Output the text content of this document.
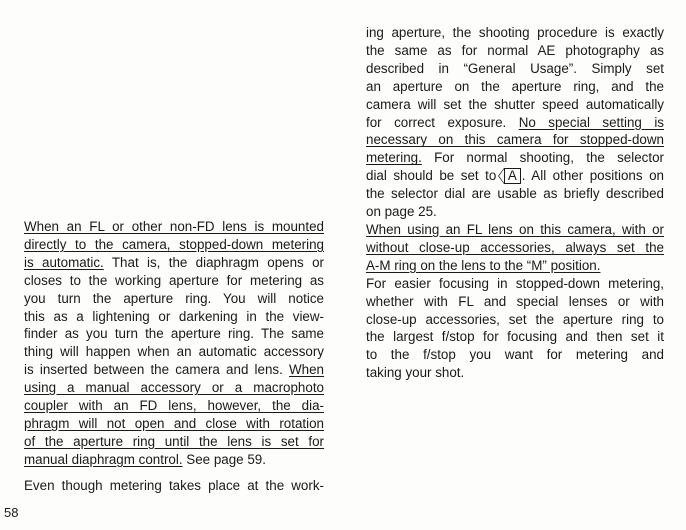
When an FL or other non-FD lens is mounted
directly to the camera, stopped-down metering
is automatic. That is, the diaphragm opens or
closes to the working aperture for metering as
you turn the aperture ring. You will notice
this as a lightening or darkening in the view-
finder as you turn the aperture ring. The same
thing will happen when an automatic accessory
is inserted between the camera and lens. When
using a manual accessory or a macrophoto
coupler with an FD lens, however, the dia-
phragm will not open and close with rotation
of the aperture ring until the lens is set for
manual diaphragm control. See page 59.
Even though metering takes place at the work-
ing aperture, the shooting procedure is exactly
the same as for normal AE photography as
described in “General Usage”. Simply set
an aperture on the aperture ring, and the
camera will set the shutter speed automatically
for correct exposure. No special setting is
necessary on this camera for stopped-down
metering. For normal shooting, the selector
dial should be set to A . All other positions on
the selector dial are usable as briefly described
on page 25.
When using an FL lens on this camera, with or
without close-up accessories, always set the
A-M ring on the lens to the “M” position.
For easier focusing in stopped-down metering,
whether with FL and special lenses or with
close-up accessories, set the aperture ring to
the largest f/stop for focusing and then set it
to the f/stop you want for metering and
taking your shot.
58
